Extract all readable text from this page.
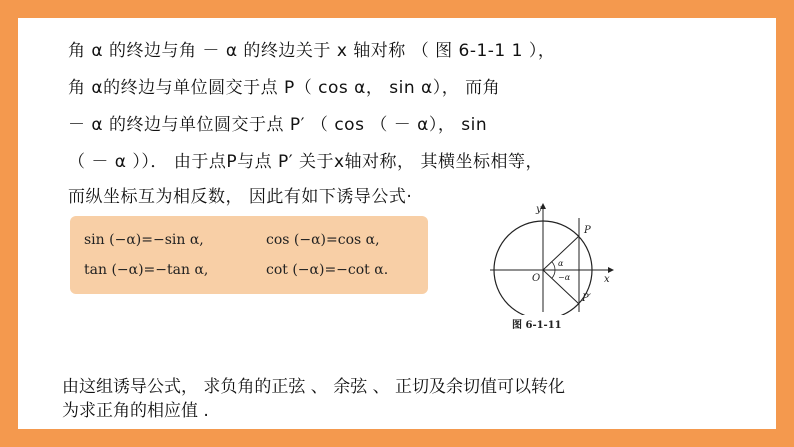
角 α 的终边与角 － α 的终边关于 x 轴对称 （ 图 6-1-1 1 ），
角 α的终边与单位圆交于点 P（ cos α， sin α）， 而角
－ α 的终边与单位圆交于点 P′ （ cos （ － α）， sin
（ － α ））． 由于点P与点 P′ 关于x轴对称， 其横坐标相等，
而纵坐标互为相反数， 因此有如下诱导公式·
sin (−α)=−sin α,	cos (−α)=cos α,
tan (−α)=−tan α,	cot (−α)=−cot α.
y
x
O
P
P′
α
−α
图 6-1-11
由这组诱导公式， 求负角的正弦 、 余弦 、 正切及余切值可以转化
为求正角的相应值 .
